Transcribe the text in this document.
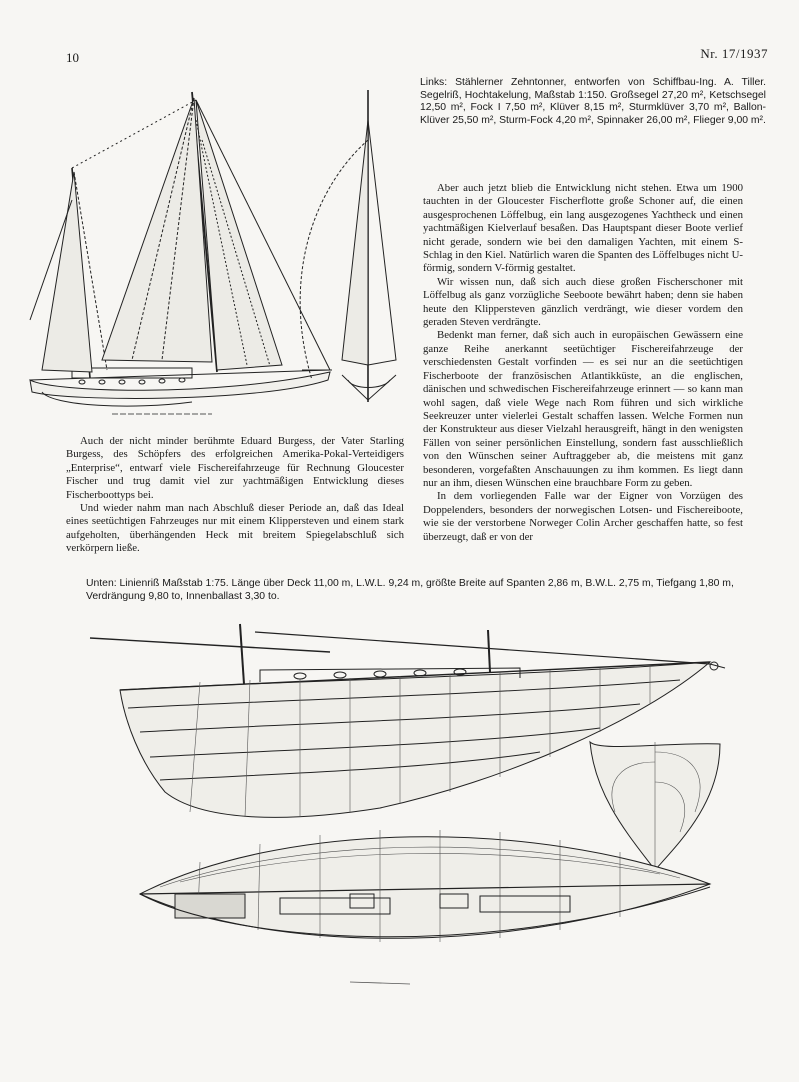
10	Nr. 17/1937
Links: Stählerner Zehntonner, entworfen von Schiffbau-Ing. A. Tiller. Segelriß, Hochtakelung, Maßstab 1:150. Großsegel 27,20 m², Ketschsegel 12,50 m², Fock I 7,50 m², Klüver 8,15 m², Sturmklüver 3,70 m², Ballon-Klüver 25,50 m², Sturm-Fock 4,20 m², Spinnaker 26,00 m², Flieger 9,00 m².

Auch der nicht minder berühmte Eduard Burgess, der Vater Starling Burgess, des Schöpfers des erfolgreichen Amerika-Pokal-Verteidigers „Enterprise“, entwarf viele Fischereifahrzeuge für Rechnung Gloucester Fischer und trug damit viel zur yachtmäßigen Entwicklung dieses Fischerboottyps bei.

Und wieder nahm man nach Abschluß dieser Periode an, daß das Ideal eines seetüchtigen Fahrzeuges nur mit einem Klippersteven und einem stark aufgeholten, überhängenden Heck mit breitem Spiegelabschluß sich verkörpern ließe.

Aber auch jetzt blieb die Entwicklung nicht stehen. Etwa um 1900 tauchten in der Gloucester Fischerflotte große Schoner auf, die einen ausgesprochenen Löffelbug, ein lang ausgezogenes Yachtheck und einen yachtmäßigen Kielverlauf besaßen. Das Hauptspant dieser Boote verlief nicht gerade, sondern wie bei den damaligen Yachten, mit einem S-Schlag in den Kiel. Natürlich waren die Spanten des Löffelbuges nicht U-förmig, sondern V-förmig gestaltet.

Wir wissen nun, daß sich auch diese großen Fischerschoner mit Löffelbug als ganz vorzügliche Seeboote bewährt haben; denn sie haben heute den Klippersteven gänzlich verdrängt, wie dieser vordem den geraden Steven verdrängte.

Bedenkt man ferner, daß sich auch in europäischen Gewässern eine ganze Reihe anerkannt seetüchtiger Fischereifahrzeuge der verschiedensten Gestalt vorfinden — es sei nur an die seetüchtigen Fischerboote der französischen Atlantikküste, an die englischen, dänischen und schwedischen Fischereifahrzeuge erinnert — so kann man wohl sagen, daß viele Wege nach Rom führen und sich wirkliche Seekreuzer unter vielerlei Gestalt schaffen lassen. Welche Formen nun der Konstrukteur aus dieser Vielzahl herausgreift, hängt in den wenigsten Fällen von seiner persönlichen Einstellung, sondern fast ausschließlich von den Wünschen seiner Auftraggeber ab, die meistens mit ganz besonderen, vorgefaßten Anschauungen zu ihm kommen. Es liegt dann nur an ihm, diesen Wünschen eine brauchbare Form zu geben.

In dem vorliegenden Falle war der Eigner von Vorzügen des Doppelenders, besonders der norwegischen Lotsen- und Fischereiboote, wie sie der verstorbene Norweger Colin Archer geschaffen hatte, so fest überzeugt, daß er von der

Unten: Linienriß Maßstab 1:75. Länge über Deck 11,00 m, L.W.L. 9,24 m, größte Breite auf Spanten 2,86 m, B.W.L. 2,75 m, Tiefgang 1,80 m, Verdrängung 9,80 to, Innenballast 3,30 to.
